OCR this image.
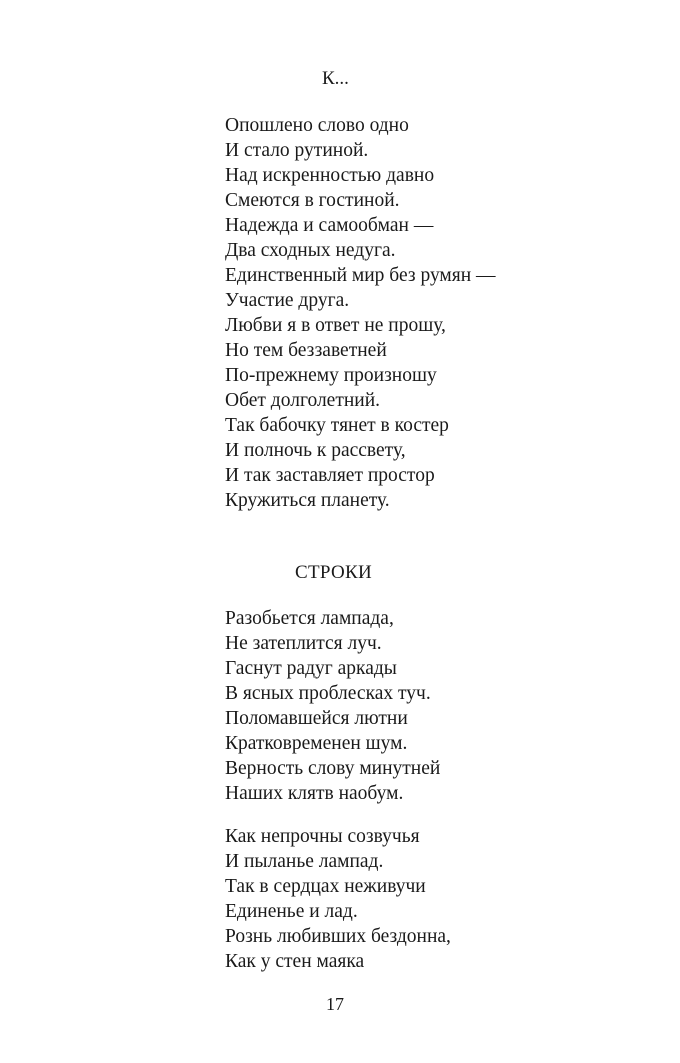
К...
Опошлено слово одно
И стало рутиной.
Над искренностью давно
Смеются в гостиной.
Надежда и самообман —
Два сходных недуга.
Единственный мир без румян —
Участие друга.
Любви я в ответ не прошу,
Но тем беззаветней
По-прежнему произношу
Обет долголетний.
Так бабочку тянет в костер
И полночь к рассвету,
И так заставляет простор
Кружиться планету.
СТРОКИ
Разобьется лампада,
Не затеплится луч.
Гаснут радуг аркады
В ясных проблесках туч.
Поломавшейся лютни
Кратковременен шум.
Верность слову минутней
Наших клятв наобум.
Как непрочны созвучья
И пыланье лампад.
Так в сердцах неживучи
Единенье и лад.
Рознь любивших бездонна,
Как у стен маяка
17
